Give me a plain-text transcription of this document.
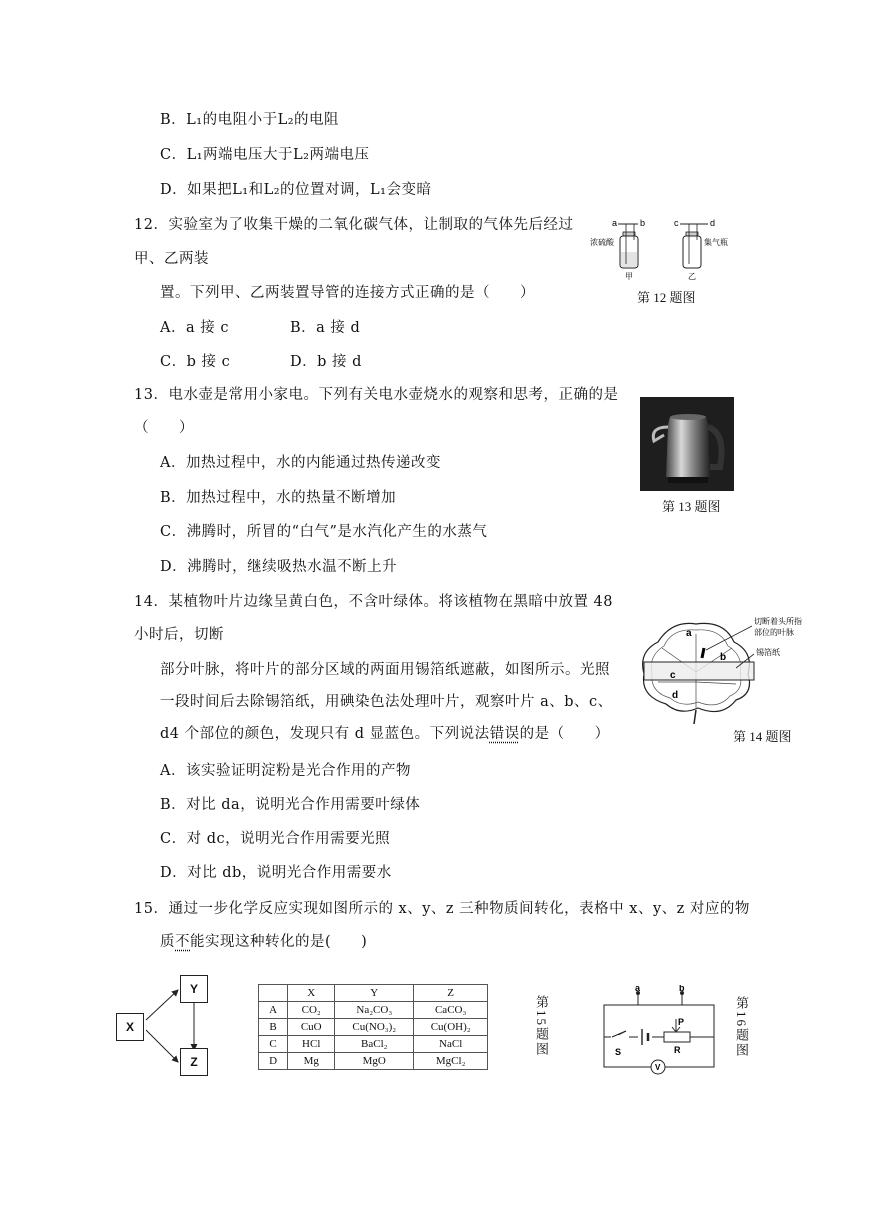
B．L₁的电阻小于L₂的电阻
C．L₁两端电压大于L₂两端电压
D．如果把L₁和L₂的位置对调，L₁会变暗
12．实验室为了收集干燥的二氧化碳气体，让制取的气体先后经过
甲、乙两装
置。下列甲、乙两装置导管的连接方式正确的是（　　）
A．a 接 c	B．a 接 d
C．b 接 c	D．b 接 d
a	b	c	d
浓硫酸	集气瓶
甲	乙
第 12 题图
13．电水壶是常用小家电。下列有关电水壶烧水的观察和思考，正确的是
（　　）
A．加热过程中，水的内能通过热传递改变
B．加热过程中，水的热量不断增加
C．沸腾时，所冒的“白气”是水汽化产生的水蒸气
D．沸腾时，继续吸热水温不断上升
第 13 题图
14．某植物叶片边缘呈黄白色，不含叶绿体。将该植物在黑暗中放置 48
小时后，切断
部分叶脉，将叶片的部分区域的两面用锡箔纸遮蔽，如图所示。光照
一段时间后去除锡箔纸，用碘染色法处理叶片，观察叶片 a、b、c、
d4 个部位的颜色，发现只有 d 显蓝色。下列说法错误的是（　　）
A．该实验证明淀粉是光合作用的产物
B．对比 da，说明光合作用需要叶绿体
C．对 dc，说明光合作用需要光照
D．对比 db，说明光合作用需要水
a
b
c
d
切断着头所指
部位的叶脉
锡箔纸
第 14 题图
15．通过一步化学反应实现如图所示的 x、y、z 三种物质间转化，表格中 x、y、z 对应的物
质不能实现这种转化的是(　　)
X
Y
Z
	X	Y	Z
A	CO₂	Na₂CO₃	CaCO₃
B	CuO	Cu(NO₃)₂	Cu(OH)₂
C	HCl	BaCl₂	NaCl
D	Mg	MgO	MgCl₂
第15题图
a	b
P
R
S
V
第16题图
